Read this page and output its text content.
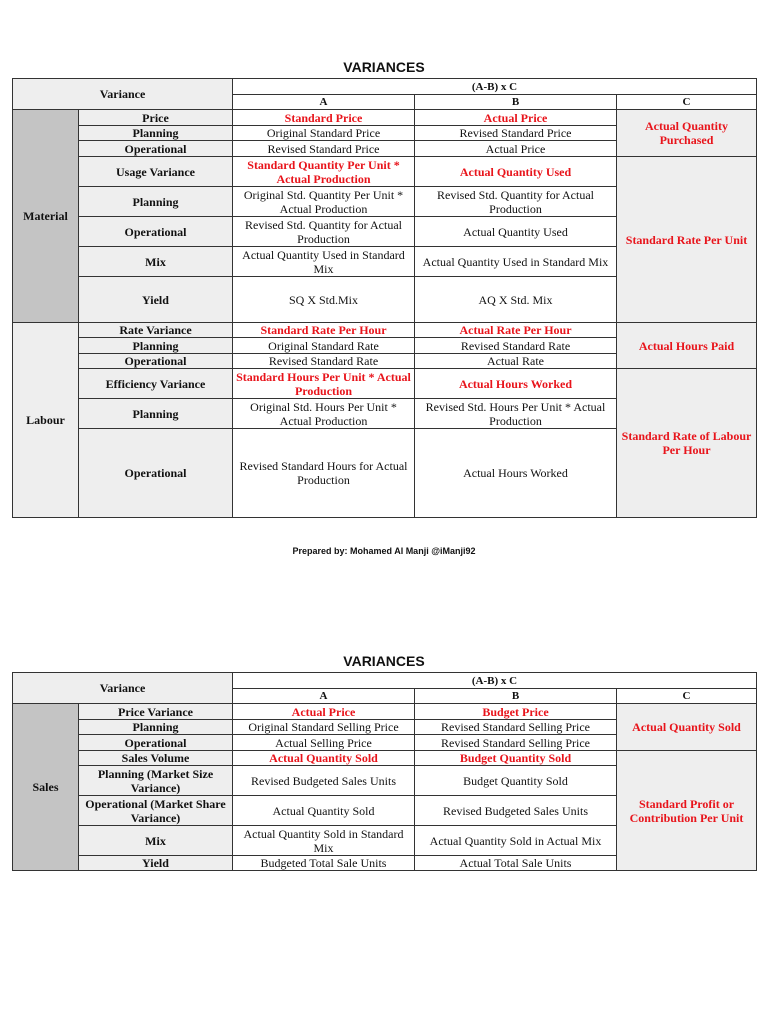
VARIANCES
Variance		(A-B) x C		
		A	B	C
Material	Price	Standard Price	Actual Price	Actual Quantity Purchased
	Planning	Original Standard Price	Revised Standard Price	
	Operational	Revised Standard Price	Actual Price	
	Usage Variance	Standard Quantity Per Unit * Actual Production	Actual Quantity Used	Standard Rate Per Unit
	Planning	Original Std. Quantity Per Unit * Actual Production	Revised Std. Quantity for Actual Production	
	Operational	Revised Std. Quantity for Actual Production	Actual Quantity Used	
	Mix	Actual Quantity Used in Standard Mix	Actual Quantity Used in Standard Mix	
	Yield	SQ X Std.Mix	AQ X Std. Mix	
Labour	Rate Variance	Standard Rate Per Hour	Actual Rate Per Hour	Actual Hours Paid
	Planning	Original Standard Rate	Revised Standard Rate	
	Operational	Revised Standard Rate	Actual Rate	
	Efficiency Variance	Standard Hours Per Unit * Actual Production	Actual Hours Worked	Standard Rate of Labour Per Hour
	Planning	Original Std. Hours Per Unit * Actual Production	Revised Std. Hours Per Unit * Actual Production	
	Operational	Revised Standard Hours for Actual Production	Actual Hours Worked	
Prepared by: Mohamed Al Manji @iManji92
VARIANCES
Variance		(A-B) x C		
		A	B	C
Sales	Price Variance	Actual Price	Budget Price	Actual Quantity Sold
	Planning	Original Standard Selling Price	Revised Standard Selling Price	
	Operational	Actual Selling Price	Revised Standard Selling Price	
	Sales Volume	Actual Quantity Sold	Budget Quantity Sold	Standard Profit or Contribution Per Unit
	Planning (Market Size Variance)	Revised Budgeted Sales Units	Budget Quantity Sold	
	Operational (Market Share Variance)	Actual Quantity Sold	Revised Budgeted Sales Units	
	Mix	Actual Quantity Sold in Standard Mix	Actual Quantity Sold in Actual Mix	
	Yield	Budgeted Total Sale Units	Actual Total Sale Units	
